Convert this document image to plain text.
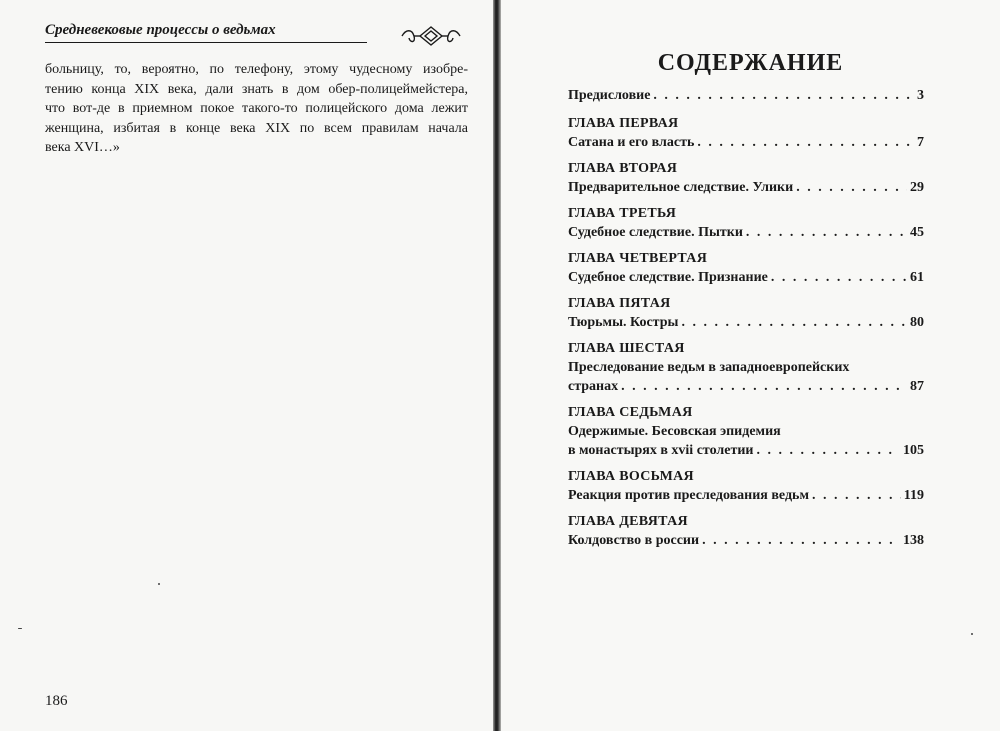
Средневековые процессы о ведьмах
больницу, то, вероятно, по телефону, этому чудесному изобре-
тению конца XIX века, дали знать в дом обер-полицеймейстера,
что вот-де в приемном покое такого-то полицейского дома лежит
женщина, избитая в конце века XIX по всем правилам начала
века XVI…»
186
СОДЕРЖАНИЕ
Предисловие . . .	3
ГЛАВА ПЕРВАЯ
Сатана и его власть . . .	7
ГЛАВА ВТОРАЯ
Предварительное следствие. Улики . . .	29
ГЛАВА ТРЕТЬЯ
Судебное следствие. Пытки . . .	45
ГЛАВА ЧЕТВЕРТАЯ
Судебное следствие. Признание . . .	61
ГЛАВА ПЯТАЯ
Тюрьмы. Костры . . .	80
ГЛАВА ШЕСТАЯ
Преследование ведьм в западноевропейских
странах . . .	87
ГЛАВА СЕДЬМАЯ
Одержимые. Бесовская эпидемия
в монастырях в xvii столетии . . .	105
ГЛАВА ВОСЬМАЯ
Реакция против преследования ведьм . . .	119
ГЛАВА ДЕВЯТАЯ
Колдовство в россии . . .	138
